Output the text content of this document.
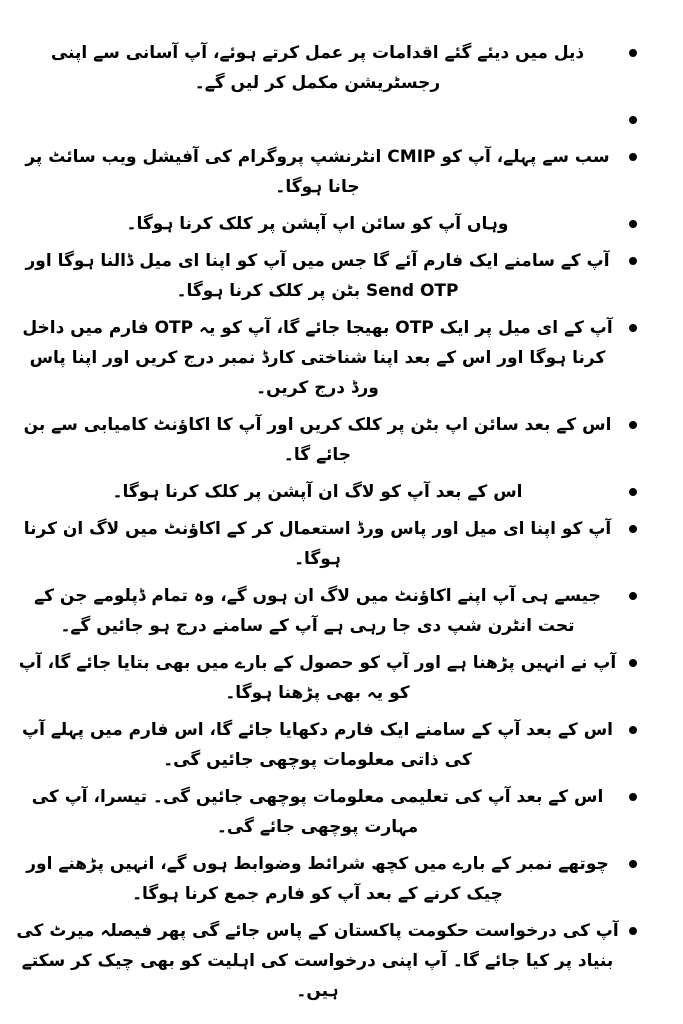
ذیل میں دیئے گئے اقدامات پر عمل کرتے ہوئے، آپ آسانی سے اپنی رجسٹریشن مکمل کر لیں گے۔
سب سے پہلے، آپ کو CMIP انٹرنشپ پروگرام کی آفیشل ویب سائٹ پر جانا ہوگا۔
وہاں آپ کو سائن اپ آپشن پر کلک کرنا ہوگا۔
آپ کے سامنے ایک فارم آئے گا جس میں آپ کو اپنا ای میل ڈالنا ہوگا اور Send OTP بٹن پر کلک کرنا ہوگا۔
آپ کے ای میل پر ایک OTP بھیجا جائے گا، آپ کو یہ OTP فارم میں داخل کرنا ہوگا اور اس کے بعد اپنا شناختی کارڈ نمبر درج کریں اور اپنا پاس ورڈ درج کریں۔
اس کے بعد سائن اپ بٹن پر کلک کریں اور آپ کا اکاؤنٹ کامیابی سے بن جائے گا۔
اس کے بعد آپ کو لاگ ان آپشن پر کلک کرنا ہوگا۔
آپ کو اپنا ای میل اور پاس ورڈ استعمال کر کے اکاؤنٹ میں لاگ ان کرنا ہوگا۔
جیسے ہی آپ اپنے اکاؤنٹ میں لاگ ان ہوں گے، وہ تمام ڈپلومے جن کے تحت انٹرن شپ دی جا رہی ہے آپ کے سامنے درج ہو جائیں گے۔
آپ نے انہیں پڑھنا ہے اور آپ کو حصول کے بارے میں بھی بتایا جائے گا، آپ کو یہ بھی پڑھنا ہوگا۔
اس کے بعد آپ کے سامنے ایک فارم دکھایا جائے گا، اس فارم میں پہلے آپ کی ذاتی معلومات پوچھی جائیں گی۔
اس کے بعد آپ کی تعلیمی معلومات پوچھی جائیں گی۔ تیسرا، آپ کی مہارت پوچھی جائے گی۔
چوتھے نمبر کے بارے میں کچھ شرائط وضوابط ہوں گے، انہیں پڑھنے اور چیک کرنے کے بعد آپ کو فارم جمع کرنا ہوگا۔
آپ کی درخواست حکومت پاکستان کے پاس جائے گی پھر فیصلہ میرٹ کی بنیاد پر کیا جائے گا۔ آپ اپنی درخواست کی اہلیت کو بھی چیک کر سکتے ہیں۔
